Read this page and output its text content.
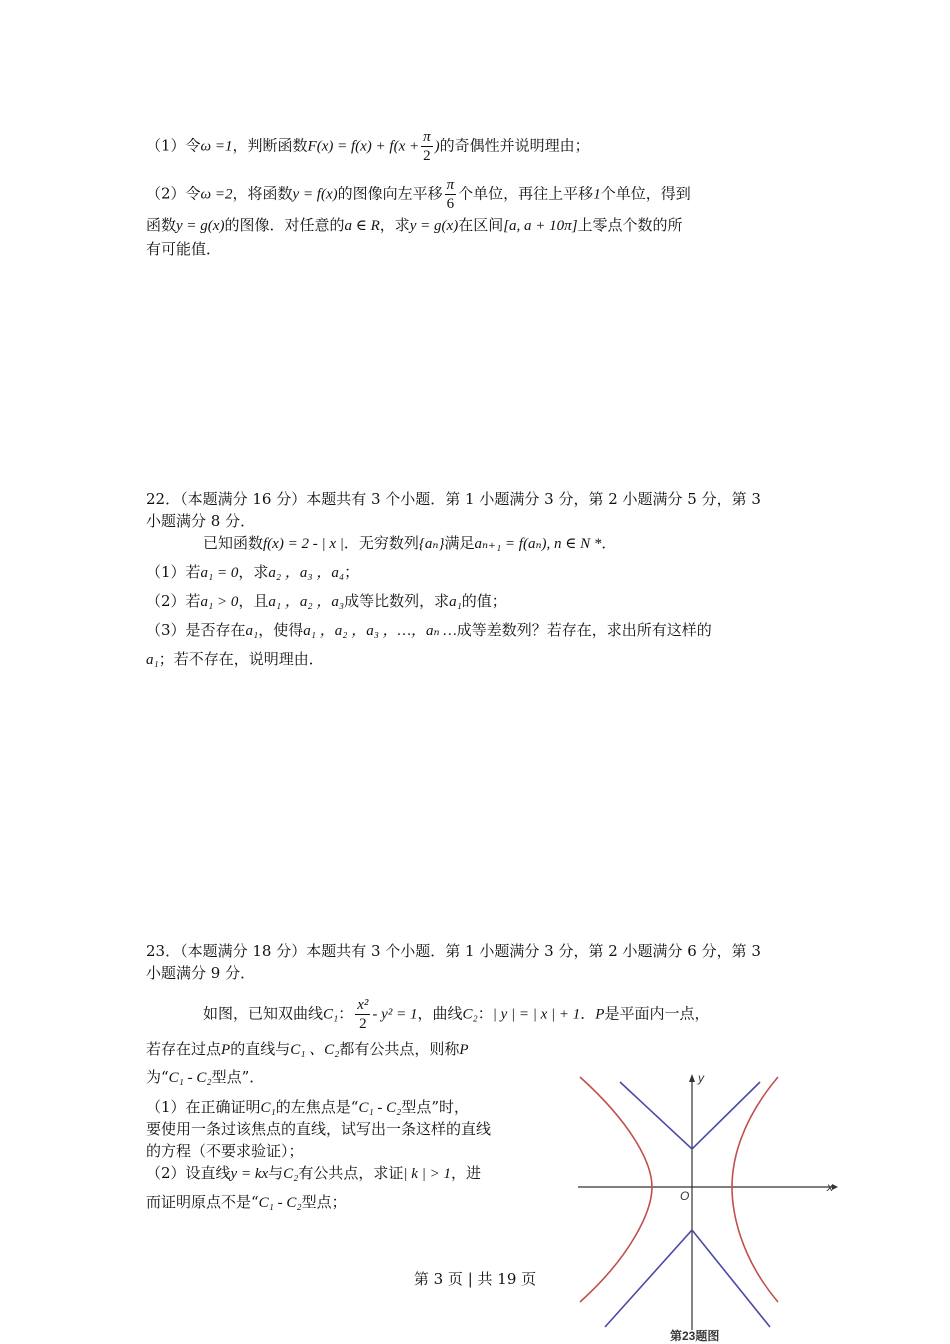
（1）令ω =1，判断函数$F(x) = f(x) + f(x + \frac{\pi}{2}$ )的奇偶性并说明理由；
（2）令ω =2，将函数y = f(x)的图像向左平移 $\frac{\pi}{6}$ 个单位，再往上平移1个单位，得到
函数y = g(x)的图像．对任意的a ∈ R，求y = g(x)在区间[a, a + 10π]上零点个数的所
有可能值．
22．（本题满分 16 分）本题共有 3 个小题．第 1 小题满分 3 分，第 2 小题满分 5 分，第 3
小题满分 8 分．
已知函数f(x) = 2 - | x |．无穷数列{aₙ}满足aₙ₊₁ = f(aₙ), n ∈ N *．
（1）若a₁ = 0，求a₂ ，a₃ ，a₄；
（2）若a₁ > 0，且a₁ ，a₂ ，a₃成等比数列，求a₁的值；
（3）是否存在a₁，使得a₁ ，a₂ ，a₃ ，…，aₙ …成等差数列？若存在，求出所有这样的
a₁；若不存在，说明理由．
23．（本题满分 18 分）本题共有 3 个小题．第 1 小题满分 3 分，第 2 小题满分 6 分，第 3
小题满分 9 分．
如图，已知双曲线C₁： $\frac{\text{x²}}{2} - y^2 = 1$，曲线C₂：| y | = | x | + 1．P是平面内一点，
若存在过点P的直线与C₁ 、C₂都有公共点，则称P
为“C₁ - C₂型点”．
（1）在正确证明C₁的左焦点是“C₁ - C₂型点”时，
要使用一条过该焦点的直线，试写出一条这样的直线
的方程（不要求验证）；
（2）设直线y = kx与C₂有公共点，求证| k | > 1，进
而证明原点不是“C₁ - C₂型点；
y
x
O
第23题图
第 3 页 | 共 19 页
